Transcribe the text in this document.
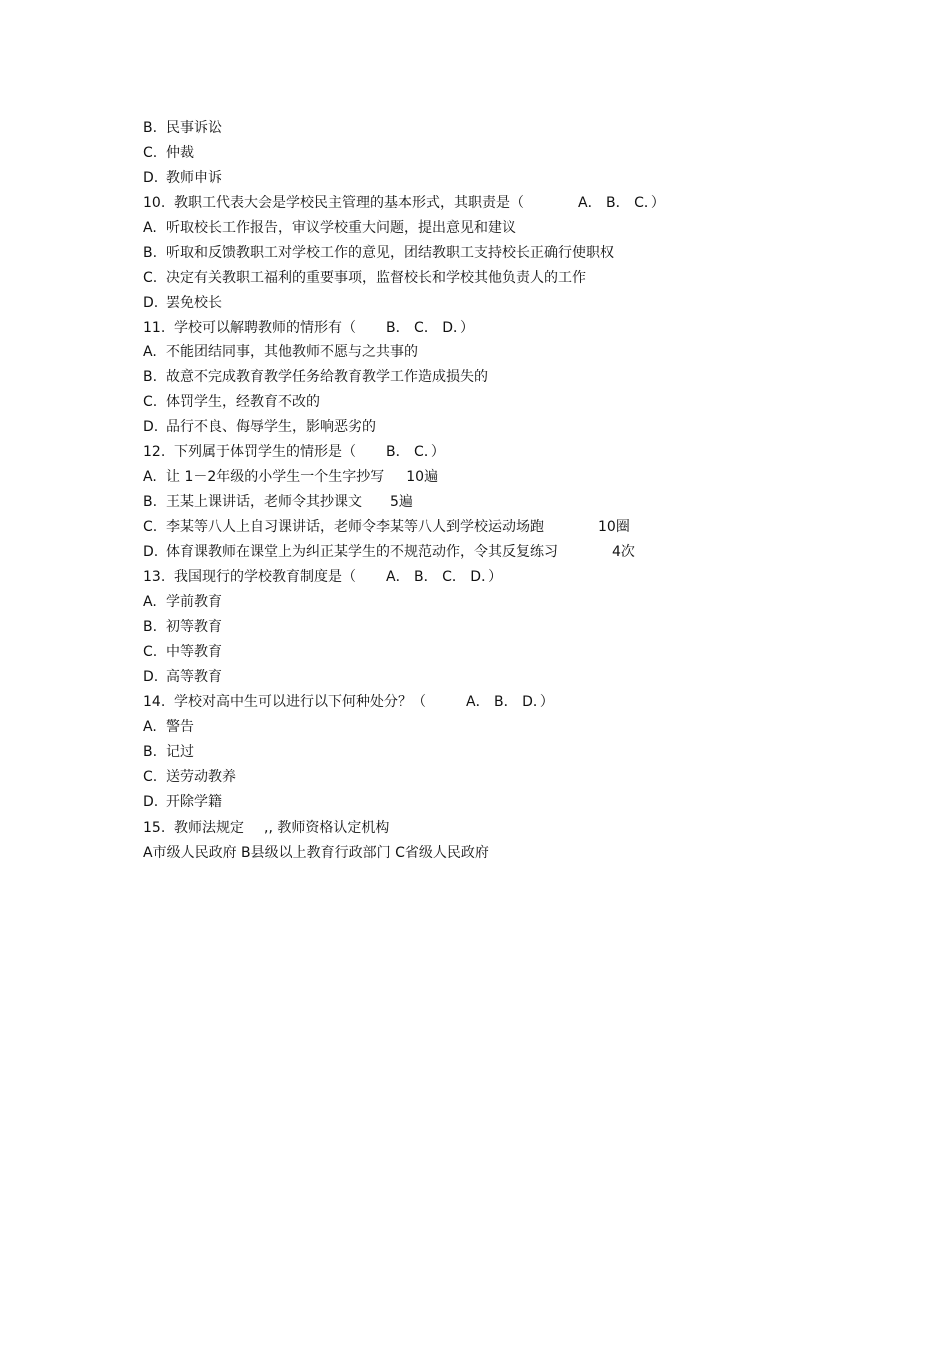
B. 民事诉讼
C. 仲裁
D. 教师申诉
10. 教职工代表大会是学校民主管理的基本形式，其职责是（	A． B． C．）
A. 听取校长工作报告，审议学校重大问题，提出意见和建议
B. 听取和反馈教职工对学校工作的意见，团结教职工支持校长正确行使职权
C. 决定有关教职工福利的重要事项，监督校长和学校其他负责人的工作
D. 罢免校长
11. 学校可以解聘教师的情形有（ B． C． D．）
A. 不能团结同事，其他教师不愿与之共事的
B. 故意不完成教育教学任务给教育教学工作造成损失的
C. 体罚学生，经教育不改的
D. 品行不良、侮辱学生，影响恶劣的
12. 下列属于体罚学生的情形是（ B． C．）
A. 让 1－2年级的小学生一个生字抄写 10遍
B. 王某上课讲话，老师令其抄课文 5遍
C. 李某等八人上自习课讲话，老师令李某等八人到学校运动场跑	10圈
D. 体育课教师在课堂上为纠正某学生的不规范动作，令其反复练习	4次
13. 我国现行的学校教育制度是（ A． B． C． D．）
A. 学前教育
B. 初等教育
C. 中等教育
D. 高等教育
14. 学校对高中生可以进行以下何种处分？（	A． B． D．）
A. 警告
B. 记过
C. 送劳动教养
D. 开除学籍
15. 教师法规定 ,, 教师资格认定机构
A市级人民政府 B县级以上教育行政部门 C省级人民政府
